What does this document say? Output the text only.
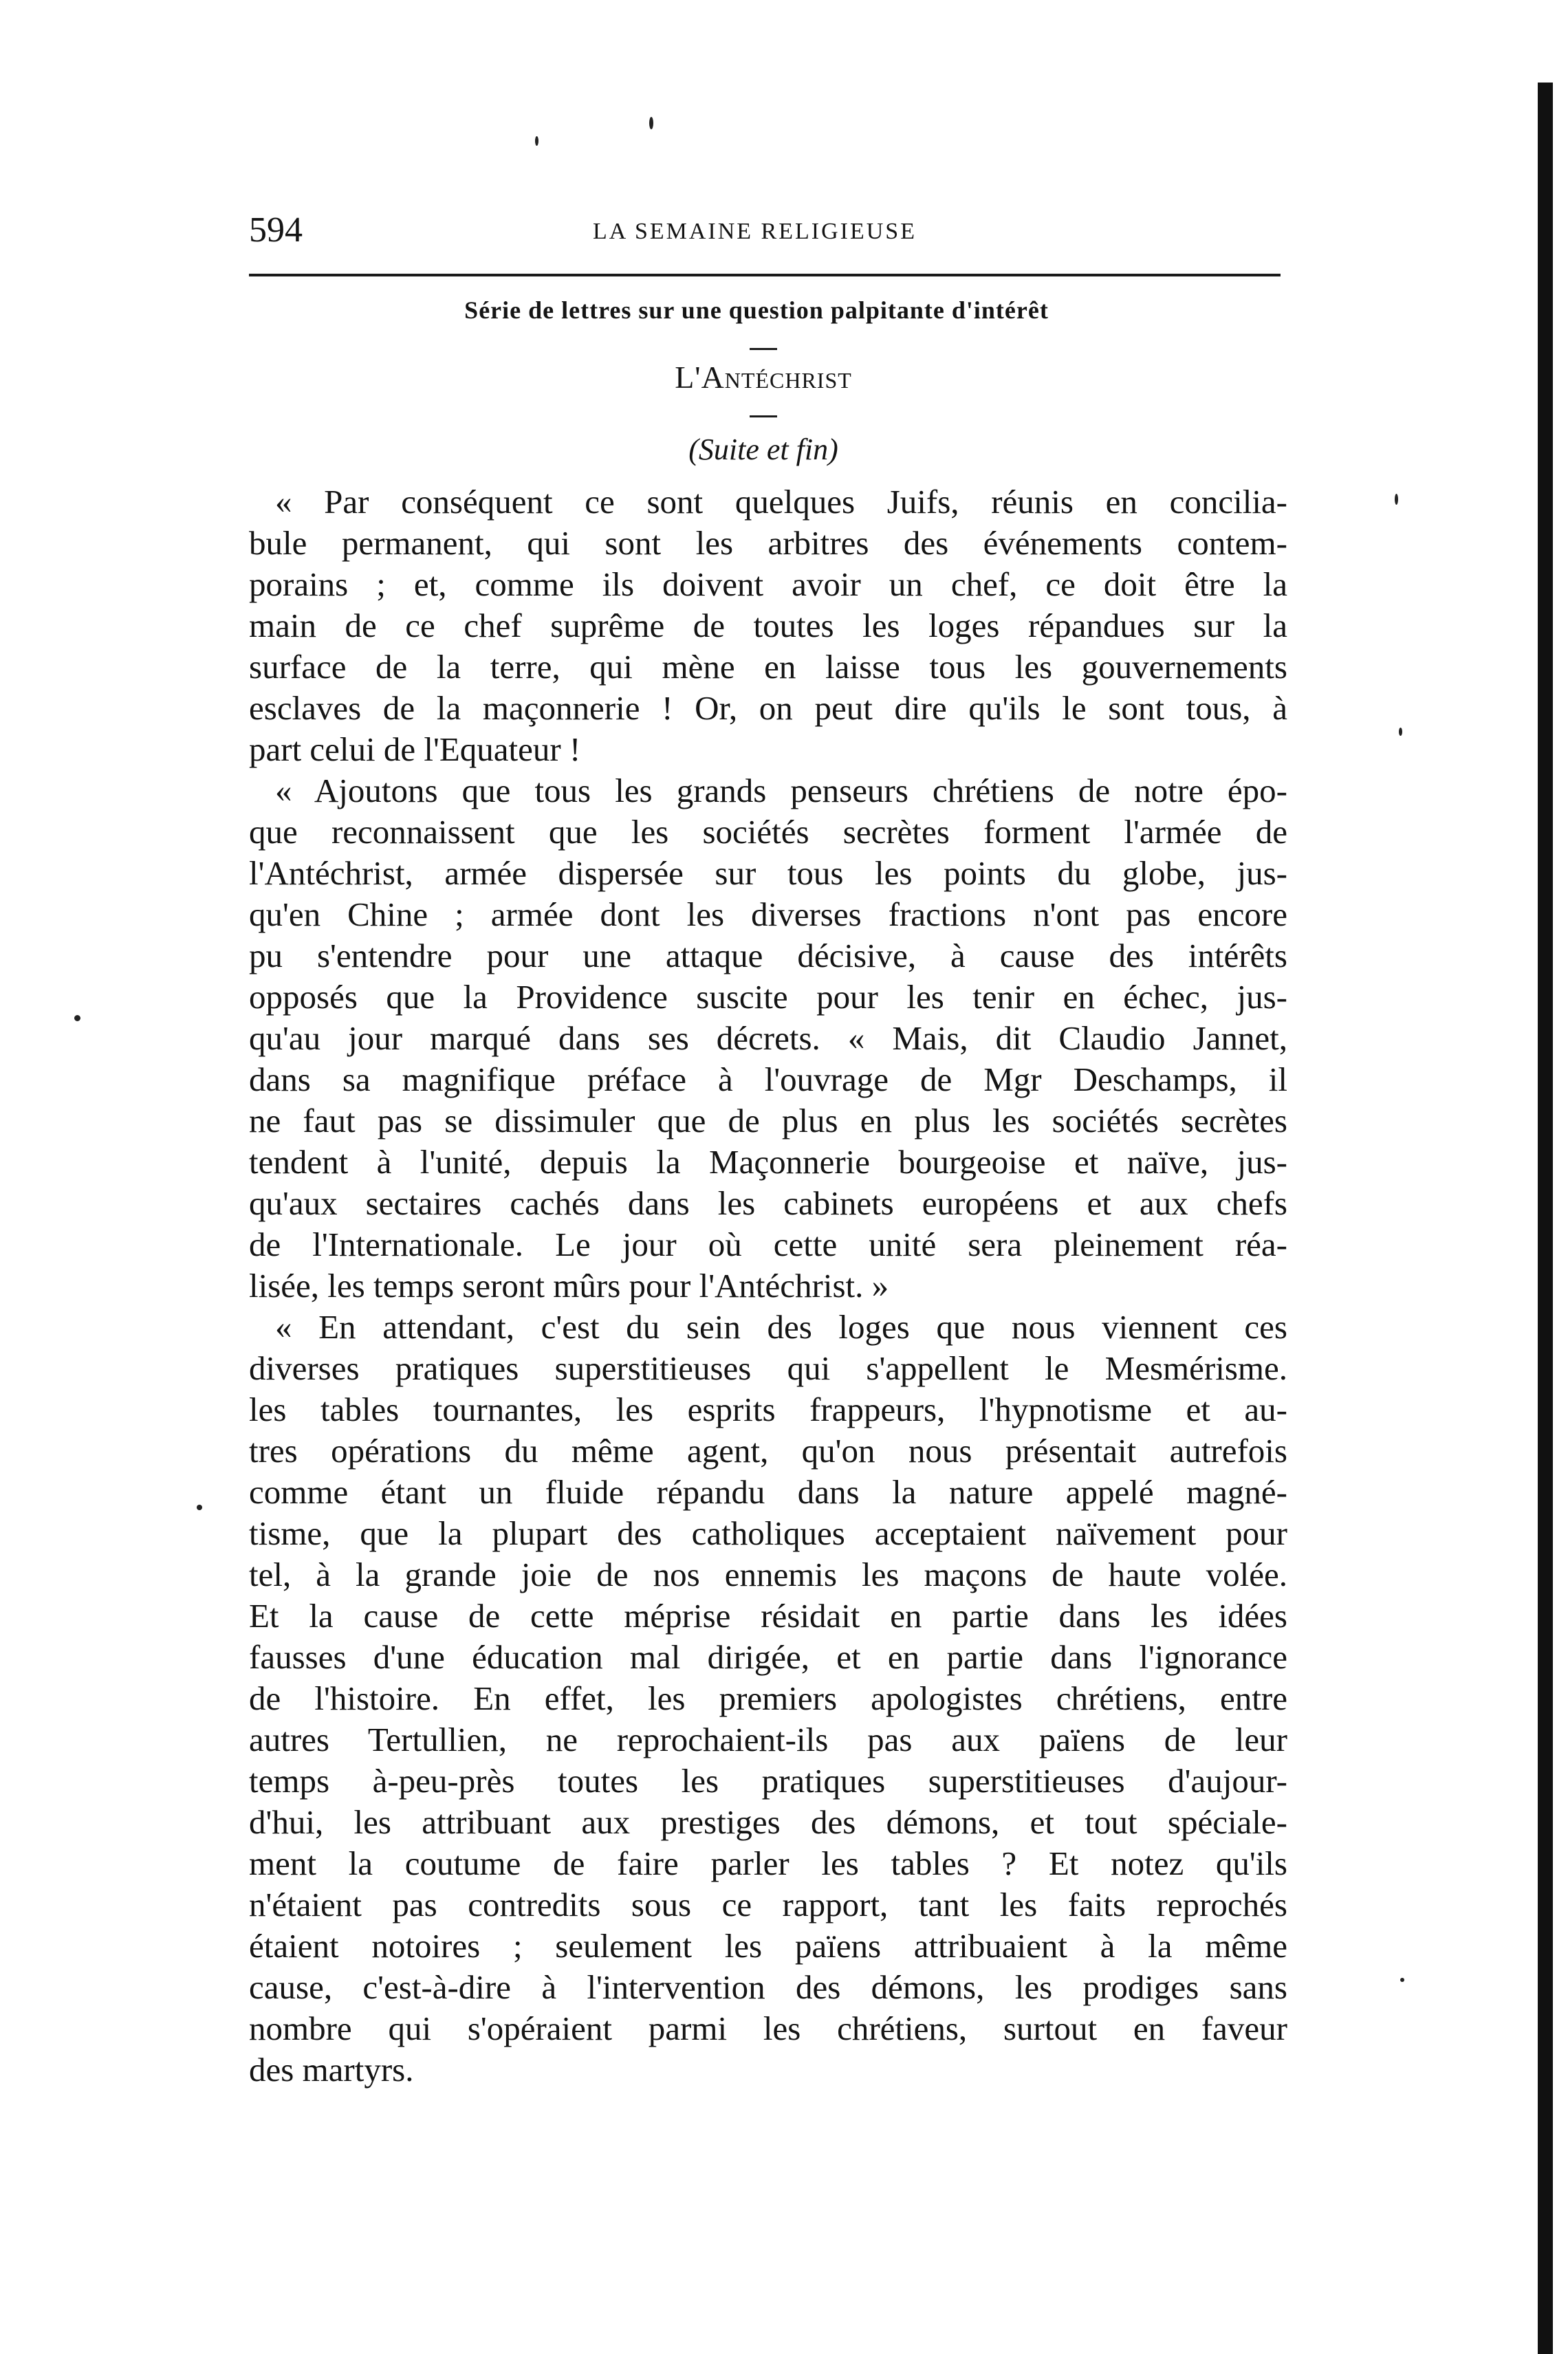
594	LA SEMAINE RELIGIEUSE
Série de lettres sur une question palpitante d'intérêt
L'Antéchrist
(Suite et fin)
« Par conséquent ce sont quelques Juifs, réunis en concilia-
bule permanent, qui sont les arbitres des événements contem-
porains ; et, comme ils doivent avoir un chef, ce doit être la
main de ce chef suprême de toutes les loges répandues sur la
surface de la terre, qui mène en laisse tous les gouvernements
esclaves de la maçonnerie ! Or, on peut dire qu'ils le sont tous, à
part celui de l'Equateur !
« Ajoutons que tous les grands penseurs chrétiens de notre épo-
que reconnaissent que les sociétés secrètes forment l'armée de
l'Antéchrist, armée dispersée sur tous les points du globe, jus-
qu'en Chine ; armée dont les diverses fractions n'ont pas encore
pu s'entendre pour une attaque décisive, à cause des intérêts
opposés que la Providence suscite pour les tenir en échec, jus-
qu'au jour marqué dans ses décrets. « Mais, dit Claudio Jannet,
dans sa magnifique préface à l'ouvrage de Mgr Deschamps, il
ne faut pas se dissimuler que de plus en plus les sociétés secrètes
tendent à l'unité, depuis la Maçonnerie bourgeoise et naïve, jus-
qu'aux sectaires cachés dans les cabinets européens et aux chefs
de l'Internationale. Le jour où cette unité sera pleinement réa-
lisée, les temps seront mûrs pour l'Antéchrist. »
« En attendant, c'est du sein des loges que nous viennent ces
diverses pratiques superstitieuses qui s'appellent le Mesmérisme.
les tables tournantes, les esprits frappeurs, l'hypnotisme et au-
tres opérations du même agent, qu'on nous présentait autrefois
comme étant un fluide répandu dans la nature appelé magné-
tisme, que la plupart des catholiques acceptaient naïvement pour
tel, à la grande joie de nos ennemis les maçons de haute volée.
Et la cause de cette méprise résidait en partie dans les idées
fausses d'une éducation mal dirigée, et en partie dans l'ignorance
de l'histoire. En effet, les premiers apologistes chrétiens, entre
autres Tertullien, ne reprochaient-ils pas aux païens de leur
temps à-peu-près toutes les pratiques superstitieuses d'aujour-
d'hui, les attribuant aux prestiges des démons, et tout spéciale-
ment la coutume de faire parler les tables ? Et notez qu'ils
n'étaient pas contredits sous ce rapport, tant les faits reprochés
étaient notoires ; seulement les païens attribuaient à la même
cause, c'est-à-dire à l'intervention des démons, les prodiges sans
nombre qui s'opéraient parmi les chrétiens, surtout en faveur
des martyrs.
